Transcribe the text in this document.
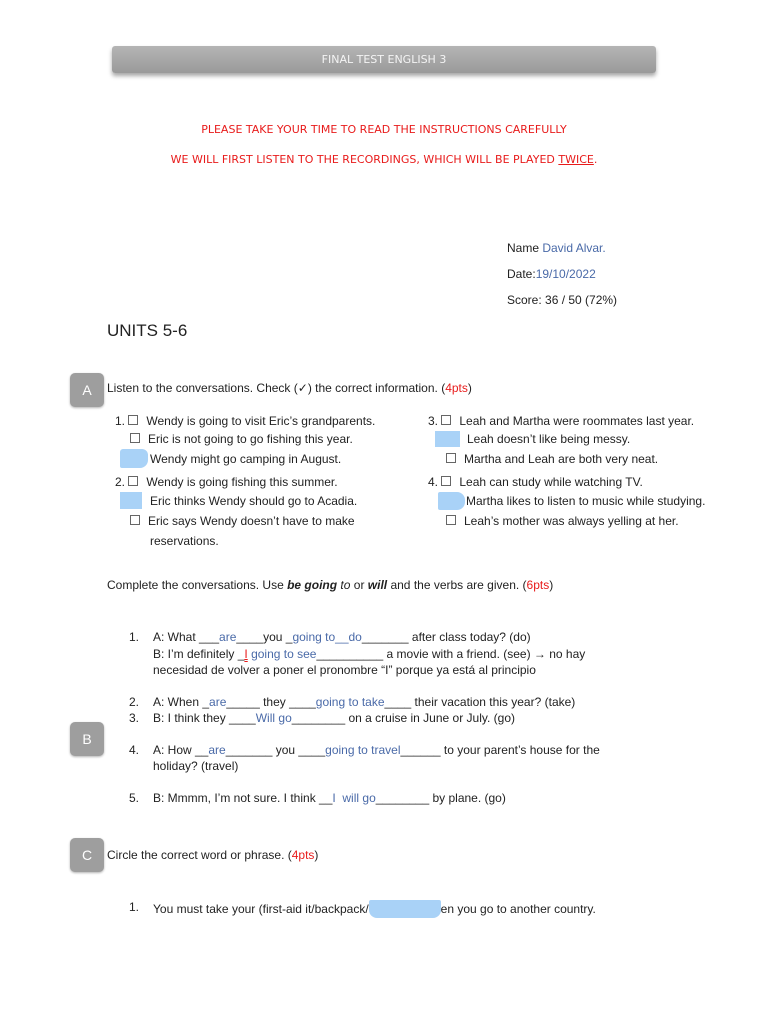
FINAL TEST ENGLISH 3
PLEASE TAKE YOUR TIME TO READ THE INSTRUCTIONS CAREFULLY
WE WILL FIRST LISTEN TO THE RECORDINGS, WHICH WILL BE PLAYED TWICE.
Name David Alvar.
Date:19/10/2022
Score: 36 / 50 (72%)
UNITS 5-6
A	Listen to the conversations. Check (✓) the correct information. (4pts)
1. Wendy is going to visit Eric’s grandparents.
Eric is not going to go fishing this year.
Wendy might go camping in August.
2. Wendy is going fishing this summer.
Eric thinks Wendy should go to Acadia.
Eric says Wendy doesn’t have to make
reservations.
3. Leah and Martha were roommates last year.
Leah doesn’t like being messy.
Martha and Leah are both very neat.
4. Leah can study while watching TV.
Martha likes to listen to music while studying.
Leah’s mother was always yelling at her.
Complete the conversations. Use be going to or will and the verbs are given. (6pts)
B
1. A: What ___are____you _going to__do_______ after class today? (do)
B: I’m definitely _I going to see__________ a movie with a friend. (see) → no hay
necesidad de volver a poner el pronombre “I” porque ya está al principio
2. A: When _are_____ they ____going to take____ their vacation this year? (take)
3. B: I think they ____Will go________ on a cruise in June or July. (go)
4. A: How __are_______ you ____going to travel______ to your parent’s house for the
holiday? (travel)
5. B: Mmmm, I’m not sure. I think __I  will go________ by plane. (go)
C	Circle the correct word or phrase. (4pts)
1. You must take your (first-aid it/backpack/	en you go to another country.
